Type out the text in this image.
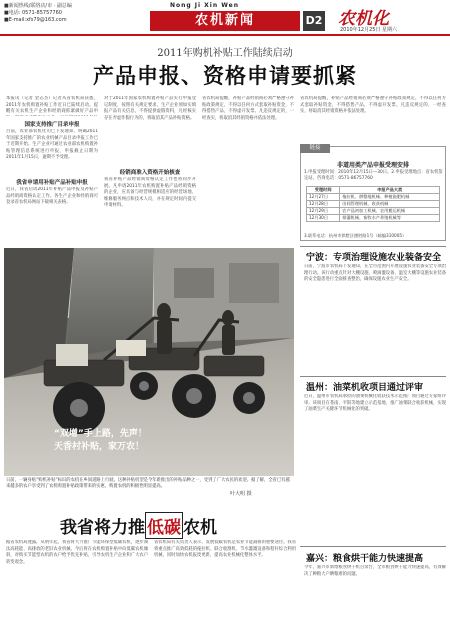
■新闻热线/联络店/市 · 副总编
■电话: 0571-85757760
■E-mail:xfs79@163.com
Nong Ji Xin Wen
农机新闻	D2 农机化
2010年12月25日 星期六
2011年购机补贴工作陆续启动
产品申报、资格申请要抓紧
本报讯（记者 金志杰）记者从省农机局获悉，2011年农机购置补贴工作近日已陆续启动。提醒有关农机生产企业和经销商抓紧做好产品申
国家支持推广目录申报
目前，农业部农机化司已下发通知，明确2011年国家支持推广的农业机械产品目录申报工作已于近期开始。生产企业可通过农业部农机购置补贴管理信息系统进行申报，申报截止日期为2011年1月15日，逾期不予受理。
我省申请用补贴产品补贴申报
近日，我省启动2011年补贴产品申报及补贴产品经销商资格认定工作。各生产企业和经销商可登录省农机局网站下载相关表格。
对于2011年国家农机购置补贴产品实行申报登记制度，按照有关规定要求，生产企业须如实填报产品有关信息，不得提供虚假资料，凡经核实存在弄虚作假行为的，将取消其产品补贴资格。
经销商准入资格开始核查
我省补贴产品经销商资格认定工作也将同步开展。凡申请2011年农机购置补贴产品经销资格的企业，应具备与经营规模相适应的经营场地、维修服务网点和技术人员，并在规定时间内提交申请材料。
省农机局提醒，补贴产品经销商必须严格遵守补贴政策规定，不得以任何方式套取补贴资金，不得搭售产品，不得虚开发票。凡违反规定的，一经查实，将取消其经销资格并依法处理。
省农机局提醒，补贴产品经销商必须严格遵守补贴政策规定，不得以任何方式套取补贴资金，不得搭售产品，不得虚开发票。凡违反规定的，一经查实，将取消其经销资格并依法处理。
链接
非道用类产品申报受理安排
1.申报受理时间：2010年12月15日—30日。2.申报受理地点：省农机鉴定站。咨询电话：0571-86757760
受理时间	申报产品大类
12月27日	拖拉机、耕整地机械、种植施肥机械
12月28日	田间管理机械、收获机械
12月29日	农产品初加工机械、农用搬运机械
12月30日	排灌机械、畜牧水产养殖机械等
3.联系电话：杭州市拱墅区德胜路1号（邮编310005）
“双增”手上路，先声！
天香村补贴，家万农！
日前，一辆身贴“购机补贴”标识的农机在乡间道路上行驶。这种补贴机型是今年新推出的补贴品种之一，受到了广大农民的欢迎。据了解，全省已有越来越多的农户享受到了农机购置补贴政策带来的实惠，购置农机的积极性明显提高。
叶大明 摄
宁波：专项治理设施农业装备安全
日前，宁波市农机局下发通知，在全市范围内开展设施农业装备安全专项治理行动。该行动重点针对大棚设施、喷滴灌设备、温室大棚等设施农业装备的安全隐患进行全面排查整治，确保设施农业生产安全。
温州：油菜机收项目通过评审
近日，温州市农机局承担的油菜机械化收获技术示范推广项目通过专家组评审。该项目在苍南、平阳等地建立示范基地，推广油菜联合收获机械，实现了油菜生产关键环节机械化的突破。
嘉兴：粮食烘干能力快速提高
今年，嘉兴市新增粮食烘干机百余台，全市粮食烘干能力快速提高，有效解决了种粮大户晒粮难的问题。
我省将力推 低碳 农机
据省农机局透露，从明年起，我省将大力推广节能环保型低碳农机，逐步淘汰高耗能、高排放的老旧农业机械。今后将在农机购置补贴中向低碳农机倾斜，对购买节能型农机的农户给予优先补贴，引导农机生产企业和广大农户转变观念。
省农机局有关负责人表示，发展低碳农机是农业节能减排的重要途径。我省将重点推广高效低耗的拖拉机、联合收割机、节水灌溉设备和秸秆综合利用机械，同时加快农机报废更新，提高农业机械化整体水平。
